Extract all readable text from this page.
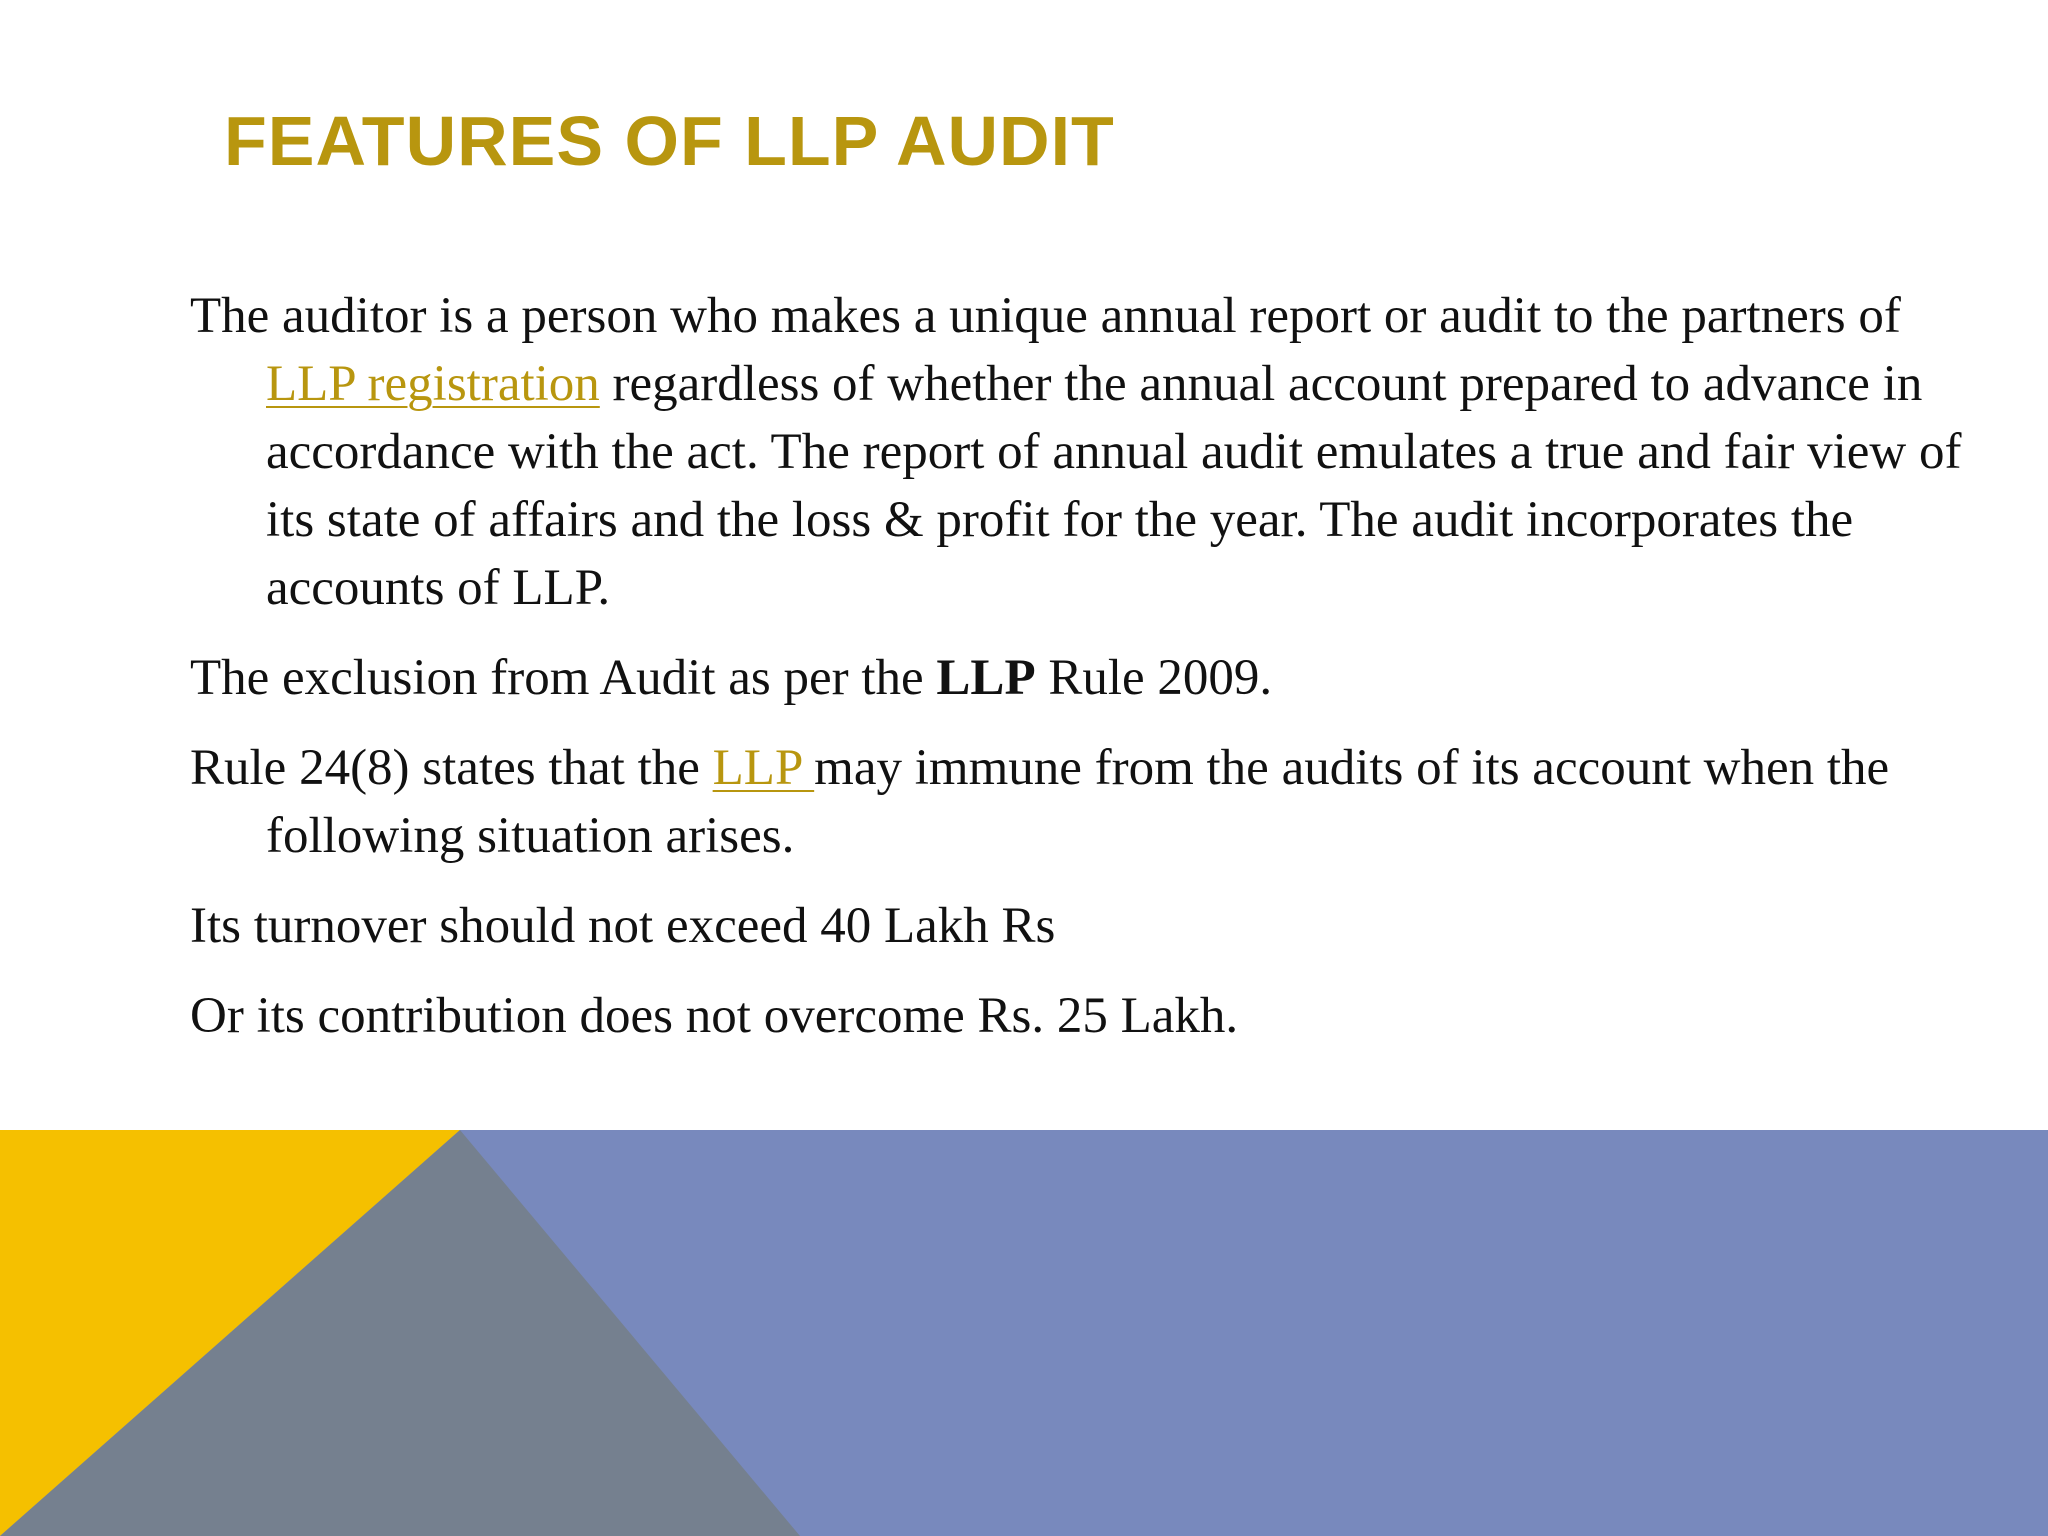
FEATURES OF LLP AUDIT

The auditor is a person who makes a unique annual report or audit to the partners of LLP registration regardless of whether the annual account prepared to advance in accordance with the act. The report of annual audit emulates a true and fair view of its state of affairs and the loss & profit for the year. The audit incorporates the accounts of LLP.

The exclusion from Audit as per the LLP Rule 2009.

Rule 24(8) states that the LLP may immune from the audits of its account when the following situation arises.

Its turnover should not exceed 40 Lakh Rs

Or its contribution does not overcome Rs. 25 Lakh.
